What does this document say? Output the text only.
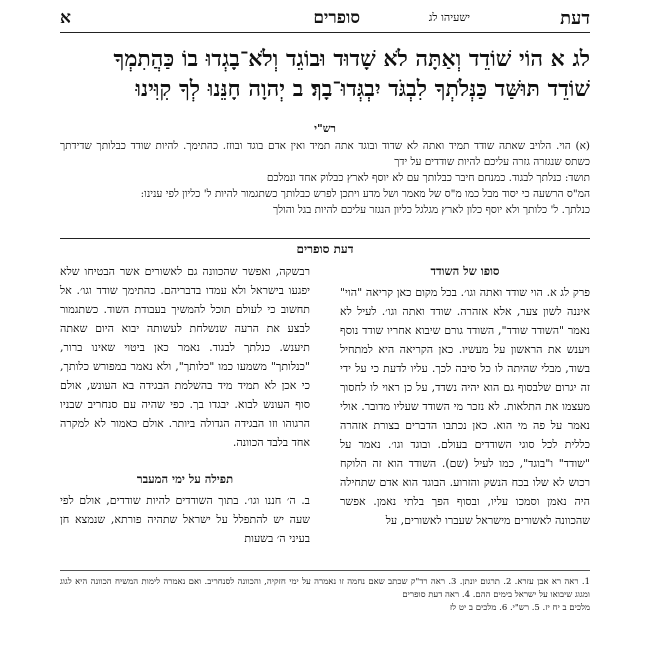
דעת
ישעיהו לג
סופרים
א
לג א הוֹי שׁוֹדֵד וְאַתָּה לֹא שָׁדוּד וּבוֹגֵד וְלֹא־בָגְדוּ בוֹ כַּהֲתִמְךָ
שׁוֹדֵד תּוּשַּׁד כַּנְּלֹתְךָ לִבְגֹּד יִבְגְּדוּ־בָךְ׃ ב יְהוָה חָנֵּנוּ לְךָ קִוִּינוּ
רש"י

(א) הוי. הלויב שאתה שודד תמיד ואתה לא שדוד ובוגד אתה תמיד ואין אדם בוגד ובוזז. כהתימך. להיות שודד כבלותך שדידתך כשתס שנגזרה גזרה עליכם להיות שודדים על ידך

תושד: כנלתך לבגוד. כמנחם חיבר כבלותך עם לא יוסף לארץ כבלוק אחד ונמלכם

המ"ס הרשעה כי יסוד מבל כמו מ"ס של מאמר ושל מדע ויתכן לפרש כבלותך כשתגמור להיות ל' כליון לפי ענינו:

כנלתך. ל' כלותך ולא יוסף כלון לארץ מגלגל כליון הנגזר עליכם להיות בגל והולך

דעת סופרים
סופו של השודד

פרק לג א. הוי שודד ואתה וגו׳. בכל מקום כאן קריאה "הוי" איננה לשון צער, אלא אזהרה. שודד ואתה וגו׳. לעיל לא נאמר "השודד שודד", השודד גורם שיבוא אחריו שודד נוסף ויענש את הראשון על מעשיו. כאן הקריאה היא למתחיל בשוד, מבלי שהיתה לו כל סיבה לכך. עליו לדעת כי על ידי זה יגרום שלבסוף גם הוא יהיה נשדד, על כן ראוי לו לחסוך מעצמו את התלאות. לא נזכר מי השודד שעליו מדובר. אולי נאמר על פה מי הוא. כאן נכתבו הדברים בצורת אזהרה כללית לכל סוגי השודדים בעולם. ובוגד וגו׳. נאמר על "שודד" ו"בוגד", כמו לעיל (שם). השודד הוא זה הלוקח רכוש לא שלו בכח הנשק והזרוע. הבוגד הוא אדם שתחילה היה נאמן וסמכו עליו, ובסוף הפך בלתי נאמן. אפשר שהכוונה לאשורים מישראל שעברו לאשורים, על

רבשקה, ואפשר שהכוונה גם לאשורים אשר הבטיחו שלא יפגעו בישראל ולא עמדו בדבריהם. כהתימך שודד וגו׳. אל תחשוב כי לעולם תוכל להמשיך בעבודת השוד. כשתגמור לבצע את הרעה שנשלחת לעשותה יבוא היום שאתה תיענש. כנלתך לבגוד. נאמר כאן ביטוי שאינו ברור, "כנלותך" משמעו כמו "כלותך", ולא נאמר במפורש כלותך, כי אכן לא תמיד מיד בהשלמת הבגידה בא העונש, אולם סוף העונש לבוא. יבגדו בך. כפי שהיה עם סנחריב שבניו הרגוהו וזו הבגידה הגדולה ביותר. אולם כאמור לא למקרה אחד בלבד הכוונה.

תפילה על ימי המעבר

ב. ה׳ חננו וגו׳. בתוך השודדים להיות שודדים, אולם לפי שעה יש להתפלל על ישראל שתהיה פורתא, שנמצא חן בעיני ה׳ בשעות

1. ראה רא אבן עזרא. 2. תרגום יונתן. 3. ראה רד"ק שכתב שאם נחמה זו נאמרה על ימי חזקיה, והכוונה לסנחריב. ואם נאמרה לימות המשיח הכוונה היא לגוג ומגוג שיבואו על ישראל בימים ההם. 4. ראה דעת סופרים

מלכים ב יח יז. 5. רש"י. 6. מלכים ב יט לז
